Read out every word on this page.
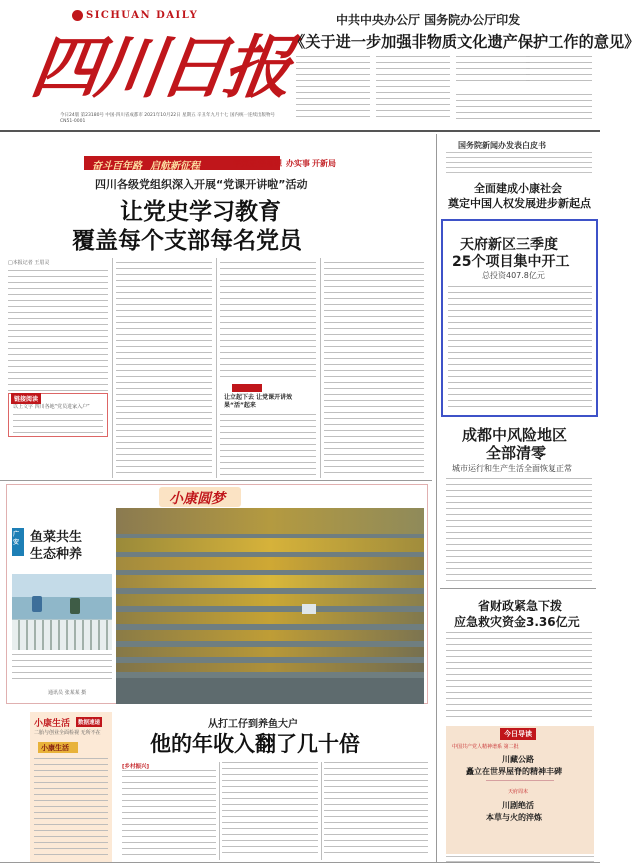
SICHUAN DAILY
四川日报
今日24版 第23180号 中国·四川省成都市 2021年10月22日 星期五 辛丑年九月十七 国内统一连续出版物号CN51-0001
中共中央办公厅 国务院办公厅印发
《关于进一步加强非物质文化遗产保护工作的意见》
奋斗百年路 启航新征程	学党史 悟思想 办实事 开新局
四川各级党组织深入开展“党课开讲啦”活动
让党史学习教育
覆盖每个支部每名党员
□本报记者 王眉灵
链接阅读
以上文字 四川各地“党员进家入户”
让立起下去 让党课开讲效果“活”起来
小康圆梦
广安 鱼菜共生
生态种养
通讯员 张某某 摄
小康生活	数据速递
二胎与创业全面检视 无所不在
小康生活
从打工仔到养鱼大户
他的年收入翻了几十倍
[乡村振兴]
国务院新闻办发表白皮书
全面建成小康社会
奠定中国人权发展进步新起点
天府新区三季度
25个项目集中开工
总投资407.8亿元
成都中风险地区
全部清零
城市运行和生产生活全面恢复正常
省财政紧急下拨
应急救灾资金3.36亿元
今日导读
中国共产党人精神谱系 第二批
川藏公路
矗立在世界屋脊的精神丰碑
天府周末
川剧绝活
本草与火的淬炼
